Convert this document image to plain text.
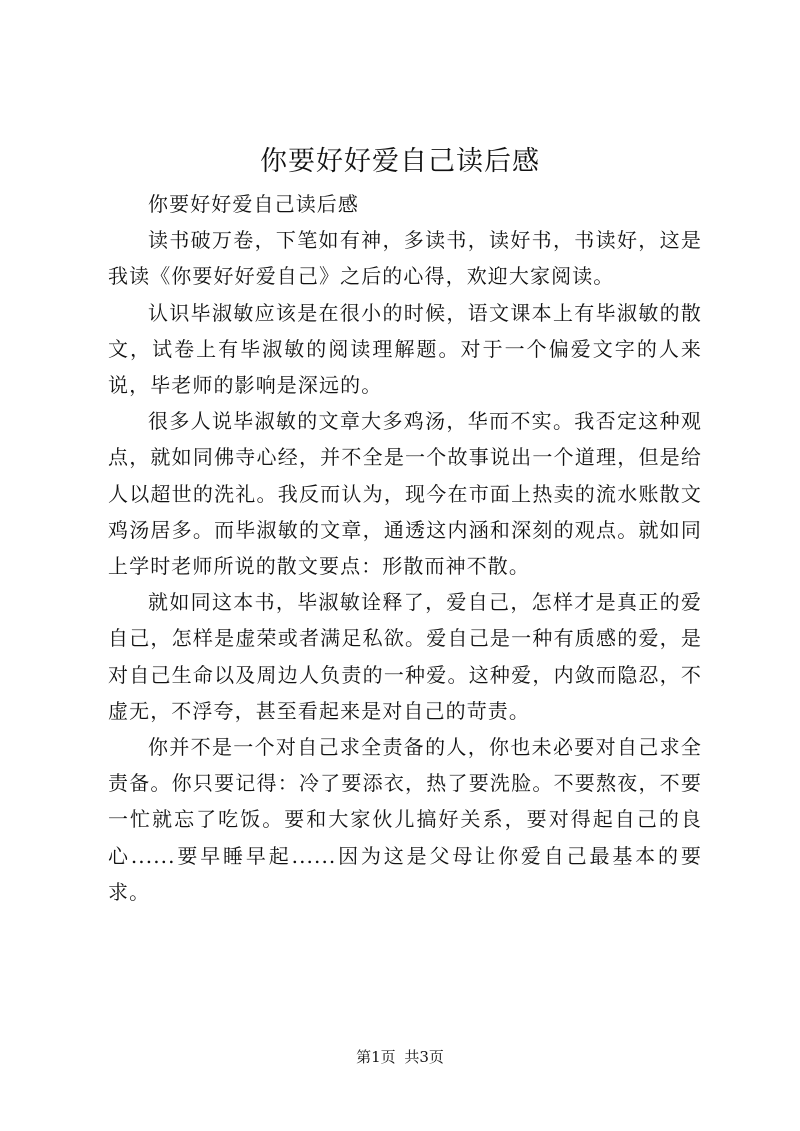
你要好好爱自己读后感

你要好好爱自己读后感

读书破万卷，下笔如有神，多读书，读好书，书读好，这是我读《你要好好爱自己》之后的心得，欢迎大家阅读。

认识毕淑敏应该是在很小的时候，语文课本上有毕淑敏的散文，试卷上有毕淑敏的阅读理解题。对于一个偏爱文字的人来说，毕老师的影响是深远的。

很多人说毕淑敏的文章大多鸡汤，华而不实。我否定这种观点，就如同佛寺心经，并不全是一个故事说出一个道理，但是给人以超世的洗礼。我反而认为，现今在市面上热卖的流水账散文鸡汤居多。而毕淑敏的文章，通透这内涵和深刻的观点。就如同上学时老师所说的散文要点：形散而神不散。

就如同这本书，毕淑敏诠释了，爱自己，怎样才是真正的爱自己，怎样是虚荣或者满足私欲。爱自己是一种有质感的爱，是对自己生命以及周边人负责的一种爱。这种爱，内敛而隐忍，不虚无，不浮夸，甚至看起来是对自己的苛责。

你并不是一个对自己求全责备的人，你也未必要对自己求全责备。你只要记得：冷了要添衣，热了要洗脸。不要熬夜，不要一忙就忘了吃饭。要和大家伙儿搞好关系，要对得起自己的良心......要早睡早起......因为这是父母让你爱自己最基本的要求。

第1页 共3页
